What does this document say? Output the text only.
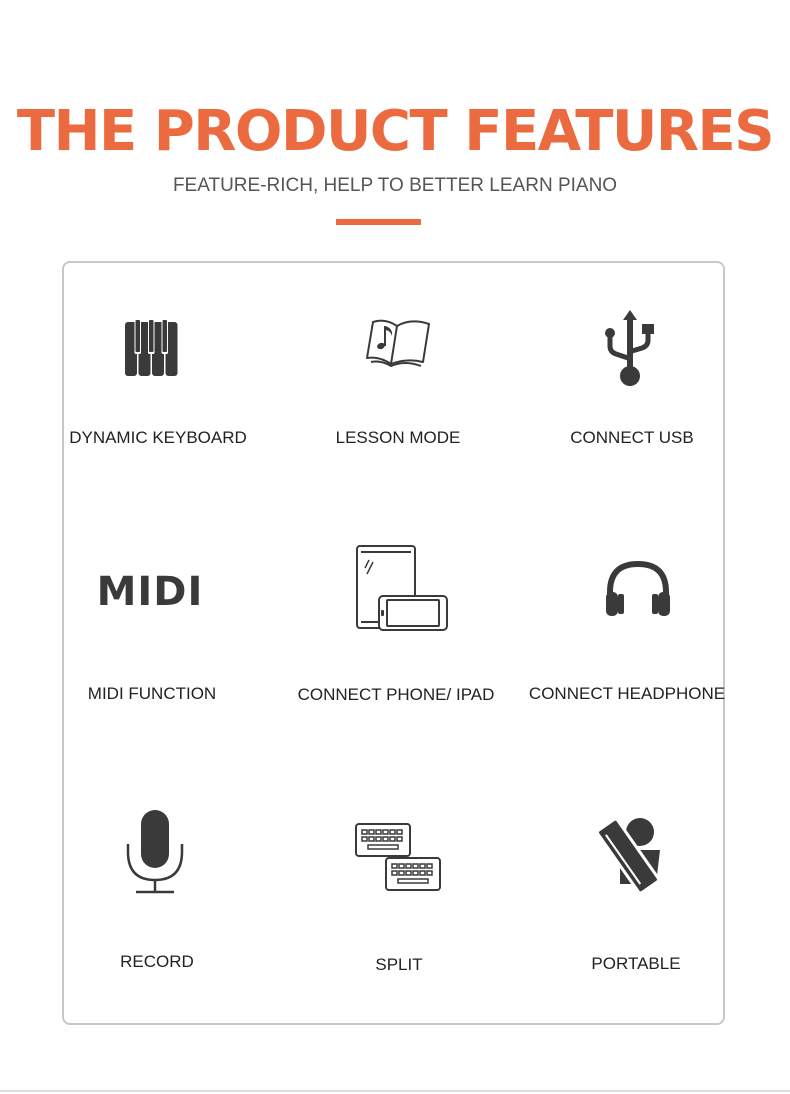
THE PRODUCT FEATURES
FEATURE-RICH, HELP TO BETTER LEARN PIANO
DYNAMIC KEYBOARD	LESSON MODE	CONNECT USB
MIDI
MIDI FUNCTION	CONNECT PHONE/ IPAD	CONNECT HEADPHONE
RECORD	SPLIT	PORTABLE
